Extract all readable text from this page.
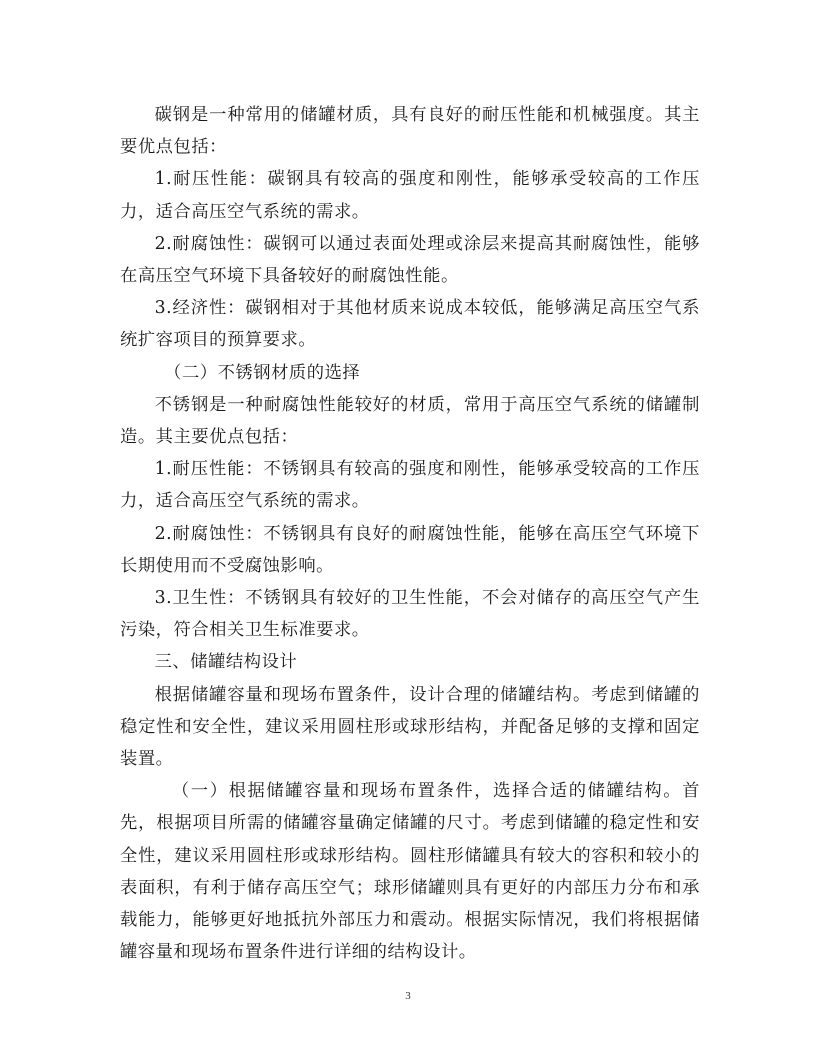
碳钢是一种常用的储罐材质，具有良好的耐压性能和机械强度。其主要优点包括：

1.耐压性能：碳钢具有较高的强度和刚性，能够承受较高的工作压力，适合高压空气系统的需求。

2.耐腐蚀性：碳钢可以通过表面处理或涂层来提高其耐腐蚀性，能够在高压空气环境下具备较好的耐腐蚀性能。

3.经济性：碳钢相对于其他材质来说成本较低，能够满足高压空气系统扩容项目的预算要求。

（二）不锈钢材质的选择

不锈钢是一种耐腐蚀性能较好的材质，常用于高压空气系统的储罐制造。其主要优点包括：

1.耐压性能：不锈钢具有较高的强度和刚性，能够承受较高的工作压力，适合高压空气系统的需求。

2.耐腐蚀性：不锈钢具有良好的耐腐蚀性能，能够在高压空气环境下长期使用而不受腐蚀影响。

3.卫生性：不锈钢具有较好的卫生性能，不会对储存的高压空气产生污染，符合相关卫生标准要求。

三、储罐结构设计

根据储罐容量和现场布置条件，设计合理的储罐结构。考虑到储罐的稳定性和安全性，建议采用圆柱形或球形结构，并配备足够的支撑和固定装置。

（一）根据储罐容量和现场布置条件，选择合适的储罐结构。首先，根据项目所需的储罐容量确定储罐的尺寸。考虑到储罐的稳定性和安全性，建议采用圆柱形或球形结构。圆柱形储罐具有较大的容积和较小的表面积，有利于储存高压空气；球形储罐则具有更好的内部压力分布和承载能力，能够更好地抵抗外部压力和震动。根据实际情况，我们将根据储罐容量和现场布置条件进行详细的结构设计。

3
